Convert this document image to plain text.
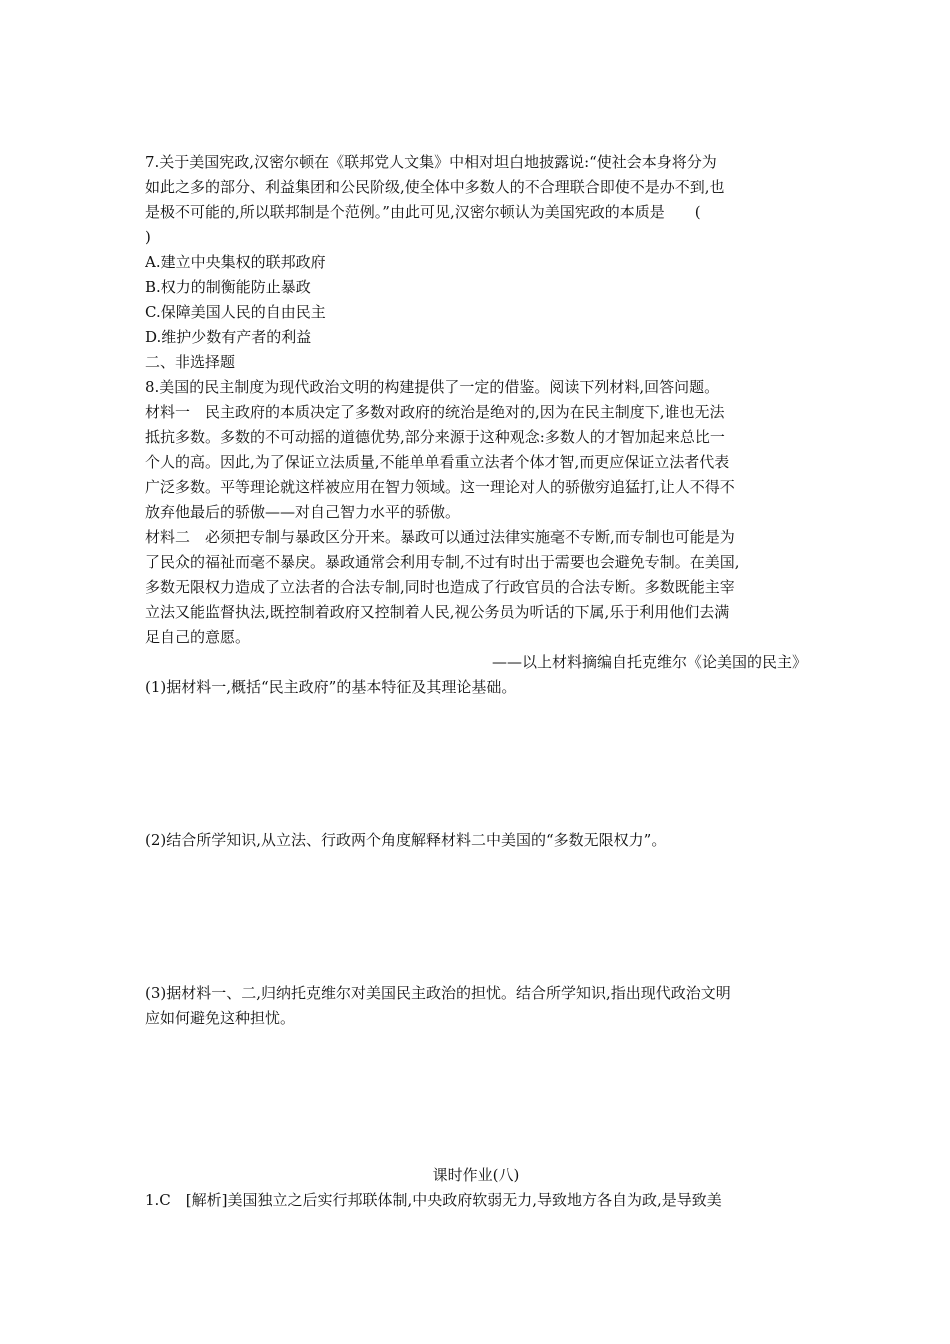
7.关于美国宪政,汉密尔顿在《联邦党人文集》中相对坦白地披露说:“使社会本身将分为
如此之多的部分、利益集团和公民阶级,使全体中多数人的不合理联合即使不是办不到,也
是极不可能的,所以联邦制是个范例。”由此可见,汉密尔顿认为美国宪政的本质是　　(
)
A.建立中央集权的联邦政府
B.权力的制衡能防止暴政
C.保障美国人民的自由民主
D.维护少数有产者的利益
二、非选择题
8.美国的民主制度为现代政治文明的构建提供了一定的借鉴。阅读下列材料,回答问题。
材料一　民主政府的本质决定了多数对政府的统治是绝对的,因为在民主制度下,谁也无法
抵抗多数。多数的不可动摇的道德优势,部分来源于这种观念:多数人的才智加起来总比一
个人的高。因此,为了保证立法质量,不能单单看重立法者个体才智,而更应保证立法者代表
广泛多数。平等理论就这样被应用在智力领域。这一理论对人的骄傲穷追猛打,让人不得不
放弃他最后的骄傲——对自己智力水平的骄傲。
材料二　必须把专制与暴政区分开来。暴政可以通过法律实施毫不专断,而专制也可能是为
了民众的福祉而毫不暴戾。暴政通常会利用专制,不过有时出于需要也会避免专制。在美国,
多数无限权力造成了立法者的合法专制,同时也造成了行政官员的合法专断。多数既能主宰
立法又能监督执法,既控制着政府又控制着人民,视公务员为听话的下属,乐于利用他们去满
足自己的意愿。
——以上材料摘编自托克维尔《论美国的民主》
(1)据材料一,概括“民主政府”的基本特征及其理论基础。
(2)结合所学知识,从立法、行政两个角度解释材料二中美国的“多数无限权力”。
(3)据材料一、二,归纳托克维尔对美国民主政治的担忧。结合所学知识,指出现代政治文明
应如何避免这种担忧。
课时作业(八)
1.C　[解析]美国独立之后实行邦联体制,中央政府软弱无力,导致地方各自为政,是导致美
